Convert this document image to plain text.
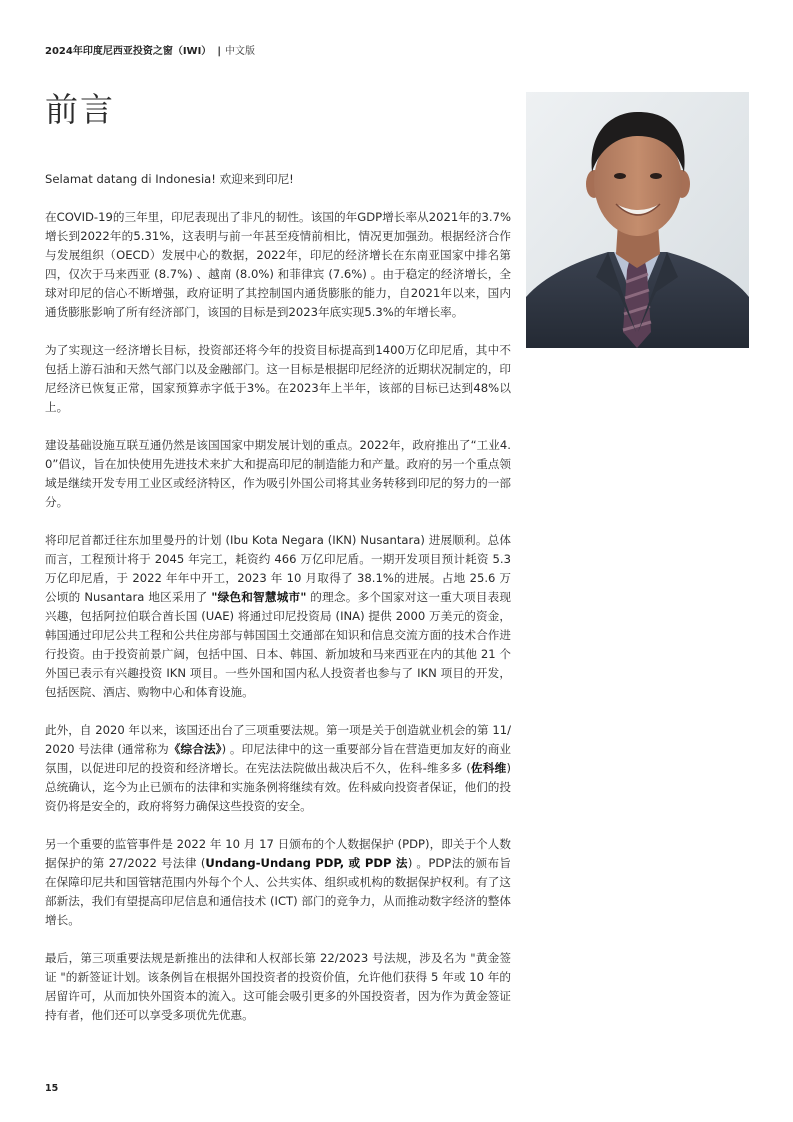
2024年印度尼西亚投资之窗（IWI） | 中文版
前言

Selamat datang di Indonesia! 欢迎来到印尼!

在COVID-19的三年里，印尼表现出了非凡的韧性。该国的年GDP增长率从2021年的3.7%增长到2022年的5.31%，这表明与前一年甚至疫情前相比，情况更加强劲。根据经济合作与发展组织（OECD）发展中心的数据，2022年，印尼的经济增长在东南亚国家中排名第四，仅次于马来西亚 (8.7%) 、越南 (8.0%) 和菲律宾 (7.6%) 。由于稳定的经济增长，全球对印尼的信心不断增强，政府证明了其控制国内通货膨胀的能力，自2021年以来，国内通货膨胀影响了所有经济部门，该国的目标是到2023年底实现5.3%的年增长率。

为了实现这一经济增长目标，投资部还将今年的投资目标提高到1400万亿印尼盾，其中不包括上游石油和天然气部门以及金融部门。这一目标是根据印尼经济的近期状况制定的，印尼经济已恢复正常，国家预算赤字低于3%。在2023年上半年，该部的目标已达到48%以上。

建设基础设施互联互通仍然是该国国家中期发展计划的重点。2022年，政府推出了“工业4.0”倡议，旨在加快使用先进技术来扩大和提高印尼的制造能力和产量。政府的另一个重点领域是继续开发专用工业区或经济特区，作为吸引外国公司将其业务转移到印尼的努力的一部分。

将印尼首都迁往东加里曼丹的计划 (Ibu Kota Negara (IKN) Nusantara) 进展顺利。总体而言，工程预计将于 2045 年完工，耗资约 466 万亿印尼盾。一期开发项目预计耗资 5.3 万亿印尼盾，于 2022 年年中开工，2023 年 10 月取得了 38.1%的进展。占地 25.6 万公顷的 Nusantara 地区采用了 "绿色和智慧城市" 的理念。多个国家对这一重大项目表现兴趣，包括阿拉伯联合酋长国 (UAE) 将通过印尼投资局 (INA) 提供 2000 万美元的资金，韩国通过印尼公共工程和公共住房部与韩国国土交通部在知识和信息交流方面的技术合作进行投资。由于投资前景广阔，包括中国、日本、韩国、新加坡和马来西亚在内的其他 21 个外国已表示有兴趣投资 IKN 项目。一些外国和国内私人投资者也参与了 IKN 项目的开发，包括医院、酒店、购物中心和体育设施。

此外，自 2020 年以来，该国还出台了三项重要法规。第一项是关于创造就业机会的第 11/2020 号法律 (通常称为《综合法》) 。印尼法律中的这一重要部分旨在营造更加友好的商业氛围，以促进印尼的投资和经济增长。在宪法法院做出裁决后不久，佐科-维多多 (佐科维) 总统确认，迄今为止已颁布的法律和实施条例将继续有效。佐科威向投资者保证，他们的投资仍将是安全的，政府将努力确保这些投资的安全。

另一个重要的监管事件是 2022 年 10 月 17 日颁布的个人数据保护 (PDP)，即关于个人数据保护的第 27/2022 号法律 (Undang-Undang PDP, 或 PDP 法) 。PDP法的颁布旨在保障印尼共和国管辖范围内外每个个人、公共实体、组织或机构的数据保护权利。有了这部新法，我们有望提高印尼信息和通信技术 (ICT) 部门的竞争力，从而推动数字经济的整体增长。

最后，第三项重要法规是新推出的法律和人权部长第 22/2023 号法规，涉及名为 "黄金签证 "的新签证计划。该条例旨在根据外国投资者的投资价值，允许他们获得 5 年或 10 年的居留许可，从而加快外国资本的流入。这可能会吸引更多的外国投资者，因为作为黄金签证持有者，他们还可以享受多项优先优惠。

15
